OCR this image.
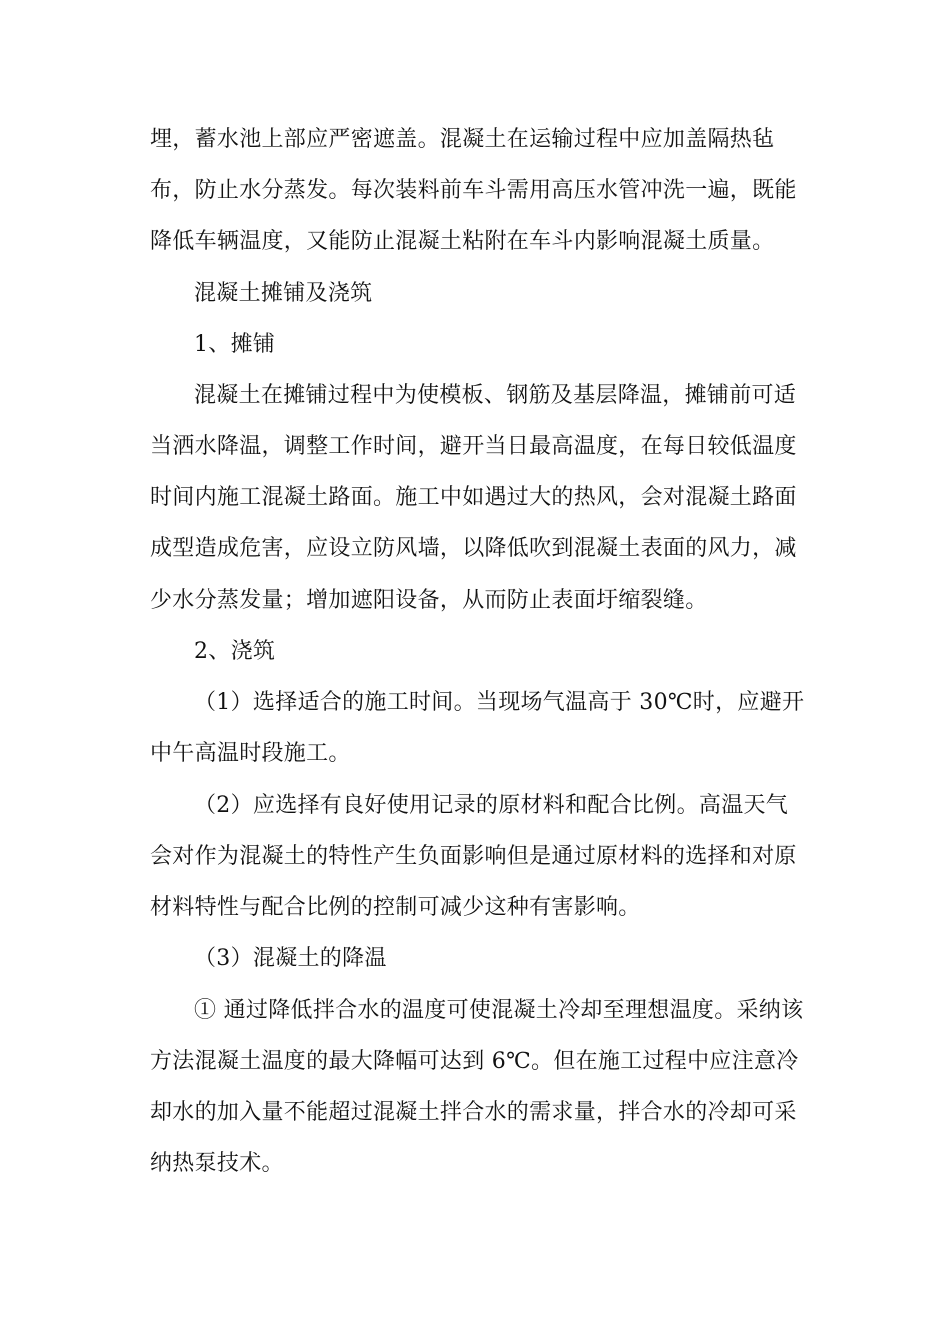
埋，蓄水池上部应严密遮盖。混凝土在运输过程中应加盖隔热毡
布，防止水分蒸发。每次装料前车斗需用高压水管冲洗一遍，既能
降低车辆温度，又能防止混凝土粘附在车斗内影响混凝土质量。
混凝土摊铺及浇筑
1、摊铺
混凝土在摊铺过程中为使模板、钢筋及基层降温，摊铺前可适
当洒水降温，调整工作时间，避开当日最高温度，在每日较低温度
时间内施工混凝土路面。施工中如遇过大的热风，会对混凝土路面
成型造成危害，应设立防风墙，以降低吹到混凝土表面的风力，减
少水分蒸发量；增加遮阳设备，从而防止表面圩缩裂缝。
2、浇筑
（1）选择适合的施工时间。当现场气温高于 30℃时，应避开
中午高温时段施工。
（2）应选择有良好使用记录的原材料和配合比例。高温天气
会对作为混凝土的特性产生负面影响但是通过原材料的选择和对原
材料特性与配合比例的控制可减少这种有害影响。
（3）混凝土的降温
① 通过降低拌合水的温度可使混凝土冷却至理想温度。采纳该
方法混凝土温度的最大降幅可达到 6℃。但在施工过程中应注意冷
却水的加入量不能超过混凝土拌合水的需求量，拌合水的冷却可采
纳热泵技术。
